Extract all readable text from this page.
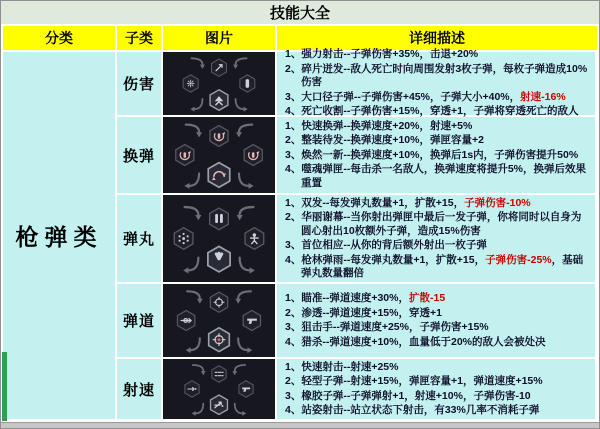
技能大全
分类	子类	图片	详细描述
枪弹类
伤害
1、强力射击--子弹伤害+35%，击退+20%
2、碎片迸发--敌人死亡时向周围发射3枚子弹，每枚子弹造成10%伤害
3、大口径子弹--子弹伤害+45%，子弹大小+40%，射速-16%
4、死亡收割--子弹伤害+15%，穿透+1，子弹将穿透死亡的敌人
换弹
1、快速换弹--换弹速度+20%，射速+5%
2、整装待发--换弹速度+10%，弹匣容量+2
3、焕然一新--换弹速度+10%，换弹后1s内，子弹伤害提升50%
4、噬魂弹匣--每击杀一名敌人，换弹速度将提升5%，换弹后效果重置
弹丸
1、双发--每发弹丸数量+1，扩散+15，子弹伤害-10%
2、华丽谢幕--当你射出弹匣中最后一发子弹，你将同时以自身为圆心射出10枚额外子弹，造成15%伤害
3、首位相应--从你的背后额外射出一枚子弹
4、枪林弹雨--每发弹丸数量+1，扩散+15，子弹伤害-25%，基础弹丸数量翻倍
弹道
1、瞄准--弹道速度+30%，扩散-15
2、渗透--弹道速度+15%，穿透+1
3、狙击手--弹道速度+25%，子弹伤害+15%
4、猎杀--弹道速度+10%，血量低于20%的敌人会被处决
射速
1、快速射击--射速+25%
2、轻型子弹--射速+15%，弹匣容量+1，弹道速度+15%
3、橡胶子弹--子弹弹射+1，射速+10%，子弹伤害-10
4、站姿射击--站立状态下射击，有33%几率不消耗子弹
